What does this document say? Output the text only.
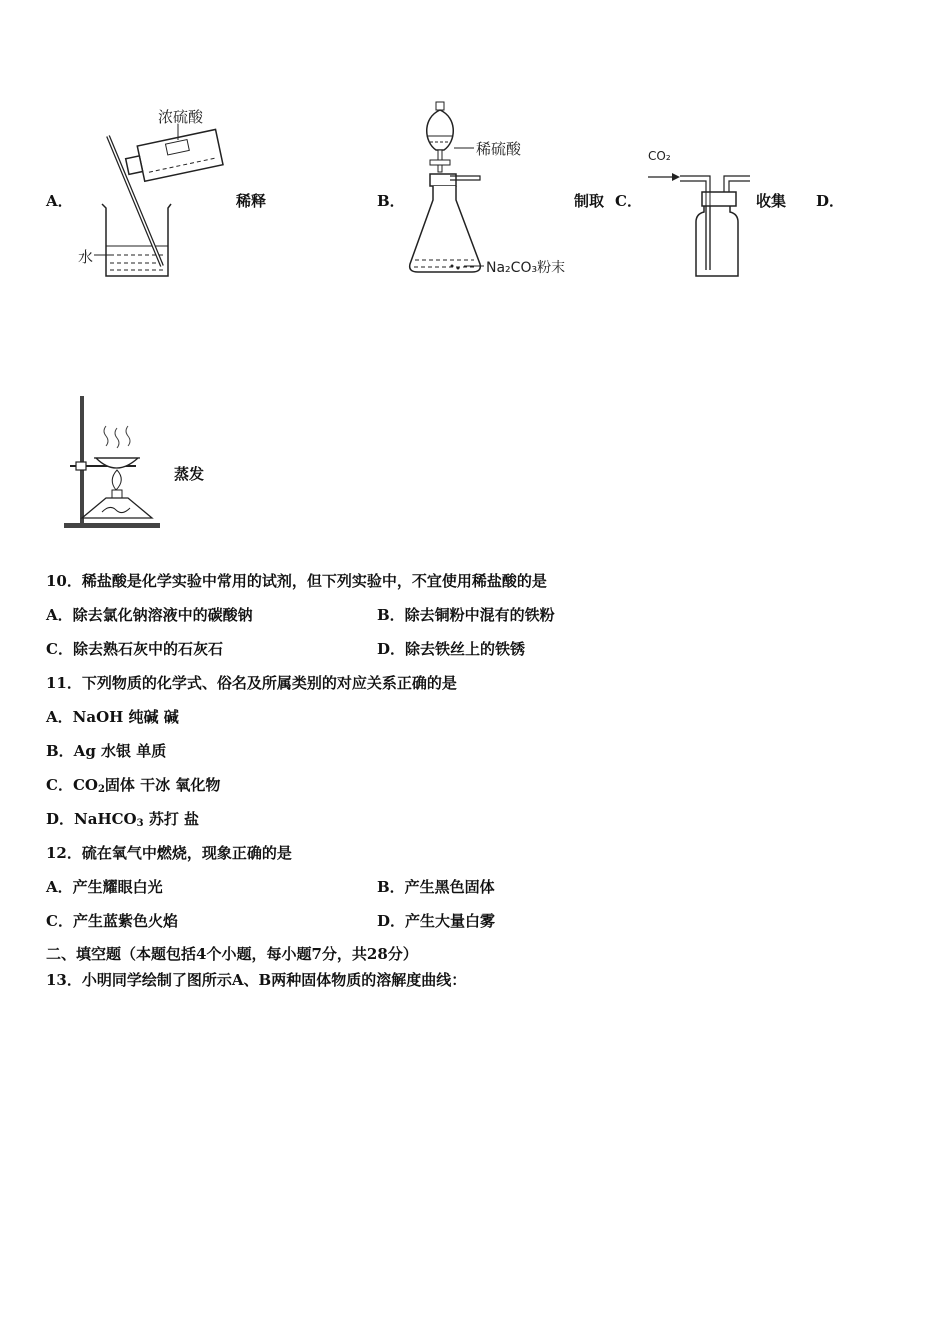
A．
浓硫酸
水
稀释	B．
稀硫酸
Na₂CO₃粉末
制取 C．
CO₂
收集 D．
蒸发
10．稀盐酸是化学实验中常用的试剂，但下列实验中，不宜使用稀盐酸的是
A．除去氯化钠溶液中的碳酸钠	B．除去铜粉中混有的铁粉
C．除去熟石灰中的石灰石	D．除去铁丝上的铁锈
11．下列物质的化学式、俗名及所属类别的对应关系正确的是
A．NaOH 纯碱 碱
B．Ag 水银 单质
C．$CO_2$固体 干冰 氧化物
D．NaHCO$_3$ 苏打 盐
12．硫在氧气中燃烧，现象正确的是
A．产生耀眼白光	B．产生黑色固体
C．产生蓝紫色火焰	D．产生大量白雾
二、填空题（本题包括4个小题，每小题7分，共28分）
13．小明同学绘制了图所示A、B两种固体物质的溶解度曲线：
